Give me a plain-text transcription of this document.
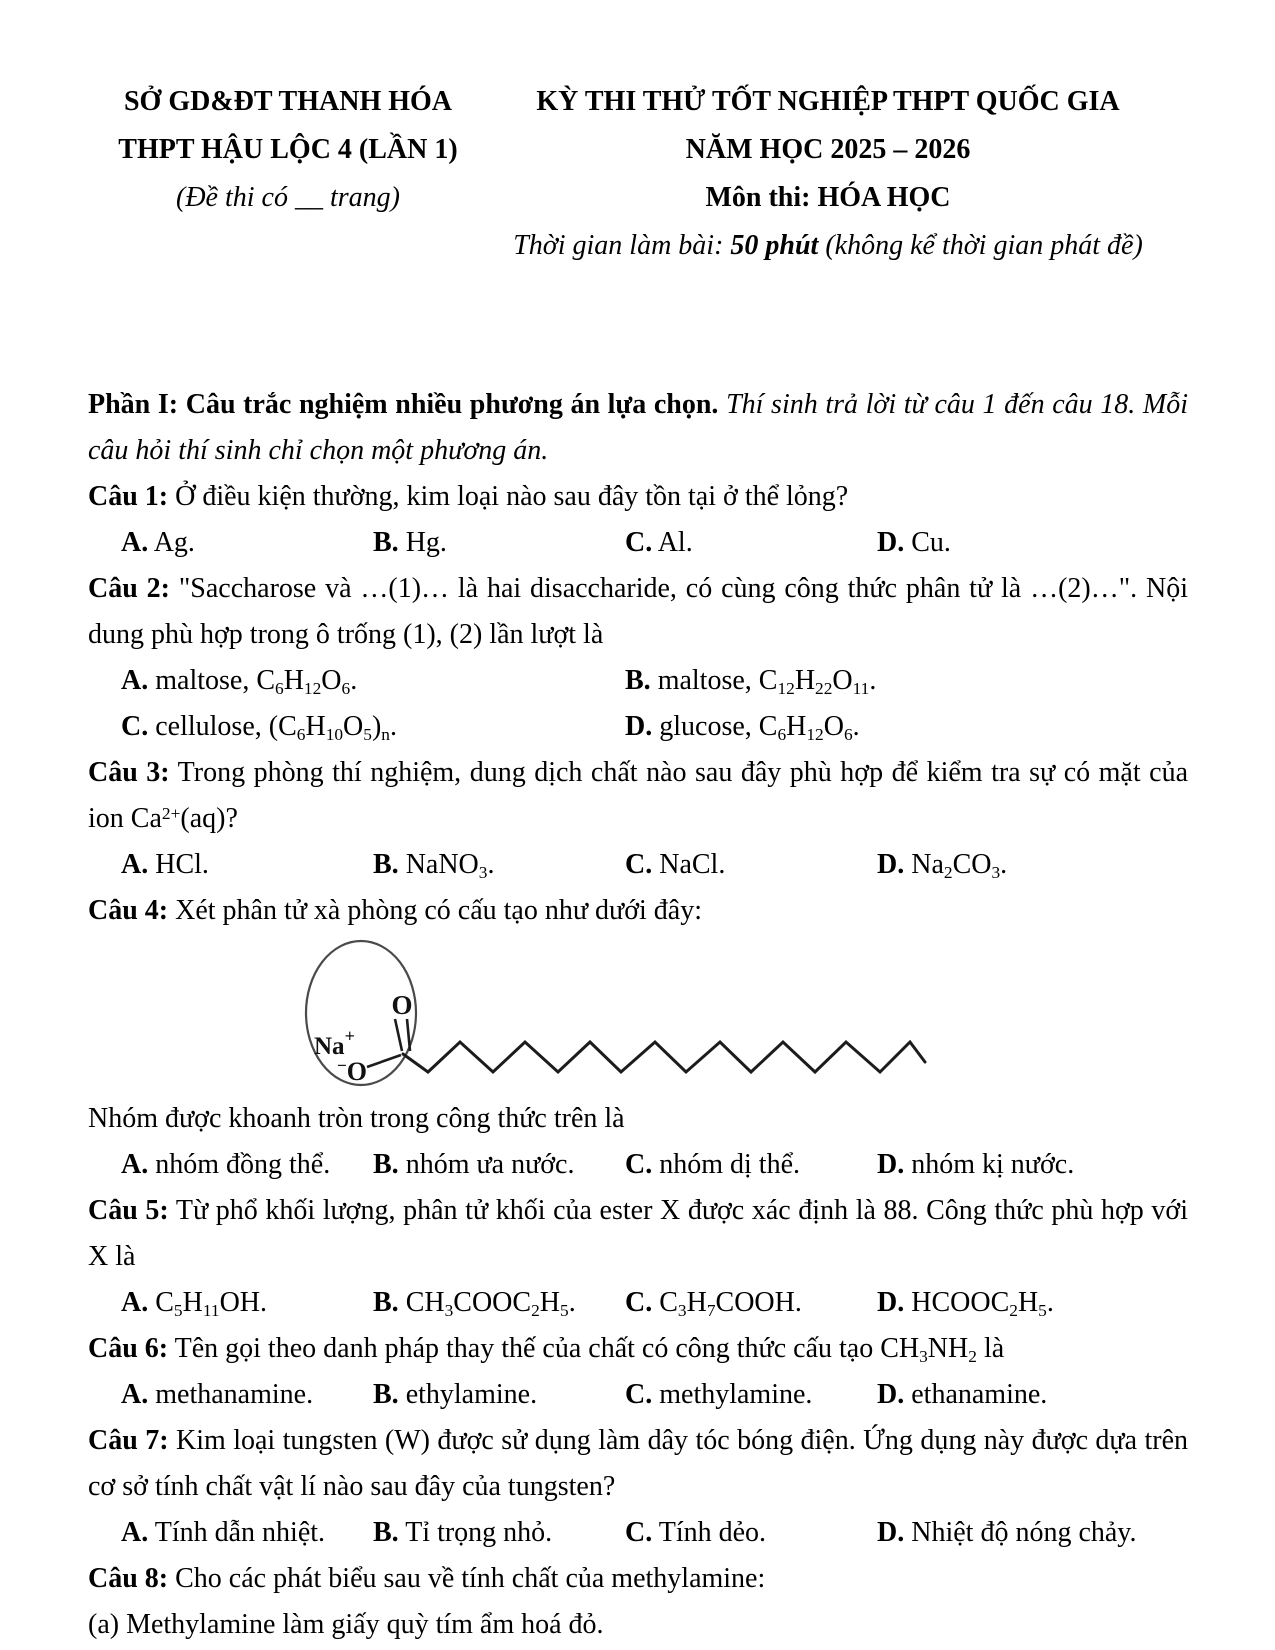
SỞ GD&ĐT THANH HÓA
THPT HẬU LỘC 4 (LẦN 1)
(Đề thi có __ trang)
KỲ THI THỬ TỐT NGHIỆP THPT QUỐC GIA
NĂM HỌC 2025 – 2026
Môn thi: HÓA HỌC
Thời gian làm bài: 50 phút (không kể thời gian phát đề)

Phần I: Câu trắc nghiệm nhiều phương án lựa chọn. Thí sinh trả lời từ câu 1 đến câu 18. Mỗi câu hỏi thí sinh chỉ chọn một phương án.

Câu 1: Ở điều kiện thường, kim loại nào sau đây tồn tại ở thể lỏng?

A. Ag.	B. Hg.	C. Al.	D. Cu.

Câu 2: "Saccharose và …(1)… là hai disaccharide, có cùng công thức phân tử là …(2)…". Nội dung phù hợp trong ô trống (1), (2) lần lượt là

A. maltose, $C_6H_{12}O_6$.	B. maltose, $C_{12}H_{22}O_{11}$.
C. cellulose, $(C_6H_{10}O_5)_n$.	D. glucose, $C_6H_{12}O_6$.

Câu 3: Trong phòng thí nghiệm, dung dịch chất nào sau đây phù hợp để kiểm tra sự có mặt của ion $Ca^{2+}(aq)$?

A. HCl.	B. NaNO$_3$.	C. NaCl.	D. $Na_2CO_3$.

Câu 4: Xét phân tử xà phòng có cấu tạo như dưới đây:

O
Na+
−O

Nhóm được khoanh tròn trong công thức trên là

A. nhóm đồng thể.	B. nhóm ưa nước.	C. nhóm dị thể.	D. nhóm kị nước.

Câu 5: Từ phổ khối lượng, phân tử khối của ester X được xác định là 88. Công thức phù hợp với X là

A. $C_5H_{11}OH$.	B. $CH_3COOC_2H_5$.	C. $C_3H_7COOH$.	D. $HCOOC_2H_5$.

Câu 6: Tên gọi theo danh pháp thay thế của chất có công thức cấu tạo $CH_3NH_2$ là

A. methanamine.	B. ethylamine.	C. methylamine.	D. ethanamine.

Câu 7: Kim loại tungsten (W) được sử dụng làm dây tóc bóng điện. Ứng dụng này được dựa trên cơ sở tính chất vật lí nào sau đây của tungsten?

A. Tính dẫn nhiệt.	B. Tỉ trọng nhỏ.	C. Tính dẻo.	D. Nhiệt độ nóng chảy.

Câu 8: Cho các phát biểu sau về tính chất của methylamine:

(a) Methylamine làm giấy quỳ tím ẩm hoá đỏ.
